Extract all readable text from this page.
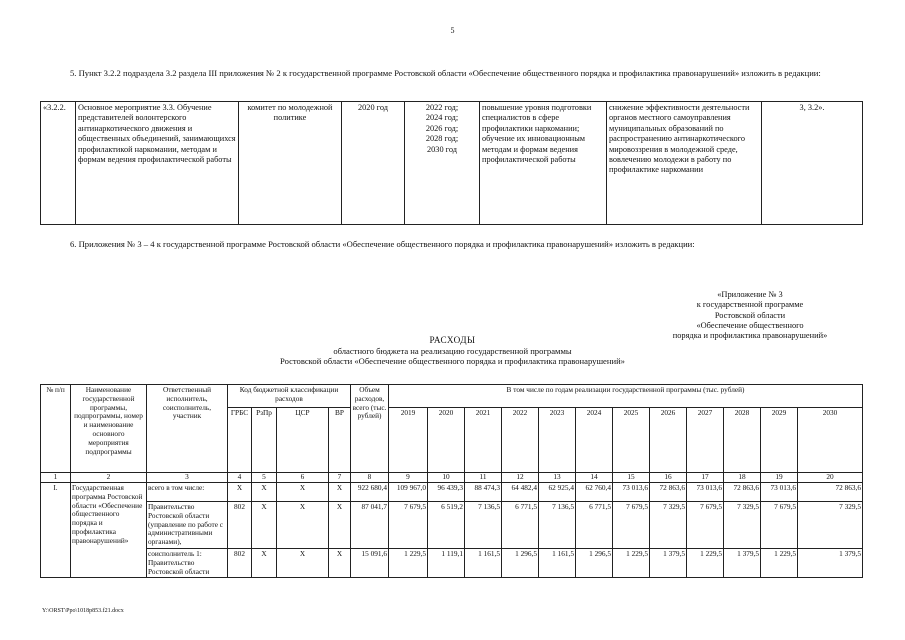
5
5. Пункт 3.2.2 подраздела 3.2 раздела III приложения № 2 к государственной программе Ростовской области «Обеспечение общественного порядка и профилактика правонарушений» изложить в редакции:
«3.2.2.	Основное мероприятие 3.3. Обучение представителей волонтерского антинаркотического движения и общественных объединений, занимающихся профилактикой наркомании, методам и формам ведения профилактической работы	комитет по молодежной политике	2020 год	2022 год;
2024 год;
2026 год;
2028 год;
2030 год
	повышение уровня подготовки специалистов в сфере профилактики наркомании; обучение их инновационным методам и формам ведения профилактической работы	снижение эффективности деятельности органов местного самоуправления муниципальных образований по распространению антинаркотического мировоззрения в молодежной среде, вовлечению молодежи в работу по профилактике наркомании	3, 3.2».
6. Приложения № 3 – 4 к государственной программе Ростовской области «Обеспечение общественного порядка и профилактика правонарушений» изложить в редакции:
«Приложение № 3
к государственной программе
Ростовской области
«Обеспечение общественного
порядка и профилактика правонарушений»
РАСХОДЫ
областного бюджета на реализацию государственной программы
Ростовской области «Обеспечение общественного порядка и профилактика правонарушений»
№ п/п	Наименование государственной программы, подпрограммы, номер и наименование основного мероприятия подпрограммы	Ответственный исполнитель, соисполнитель, участник	Код бюджетной классификации расходов				Объем расходов, всего (тыс. рублей)	В том числе по годам реализации государственной программы (тыс. рублей)											
			ГРБС	РзПр	ЦСР	ВР		2019	2020	2021	2022	2023	2024	2025	2026	2027	2028	2029	2030
1	2	3	4	5	6	7	8	9	10	11	12	13	14	15	16	17	18	19	20
I.	Государственная программа Ростовской области «Обеспечение общественного порядка и профилактика правонарушений»	всего в том числе:	X	X	X	X	922 680,4	109 967,0	96 439,3	88 474,3	64 482,4	62 925,4	62 760,4	73 013,6	72 863,6	73 013,6	72 863,6	73 013,6	72 863,6
		Правительство Ростовской области (управление по работе с административными органами),	802	X	X	X	87 041,7	7 679,5	6 519,2	7 136,5	6 771,5	7 136,5	6 771,5	7 679,5	7 329,5	7 679,5	7 329,5	7 679,5	7 329,5
		соисполнитель 1: Правительство Ростовской области	802	X	X	X	15 091,6	1 229,5	1 119,1	1 161,5	1 296,5	1 161,5	1 296,5	1 229,5	1 379,5	1 229,5	1 379,5	1 229,5	1 379,5
Y:\ORST\Ppo\1018p853.f21.docx
